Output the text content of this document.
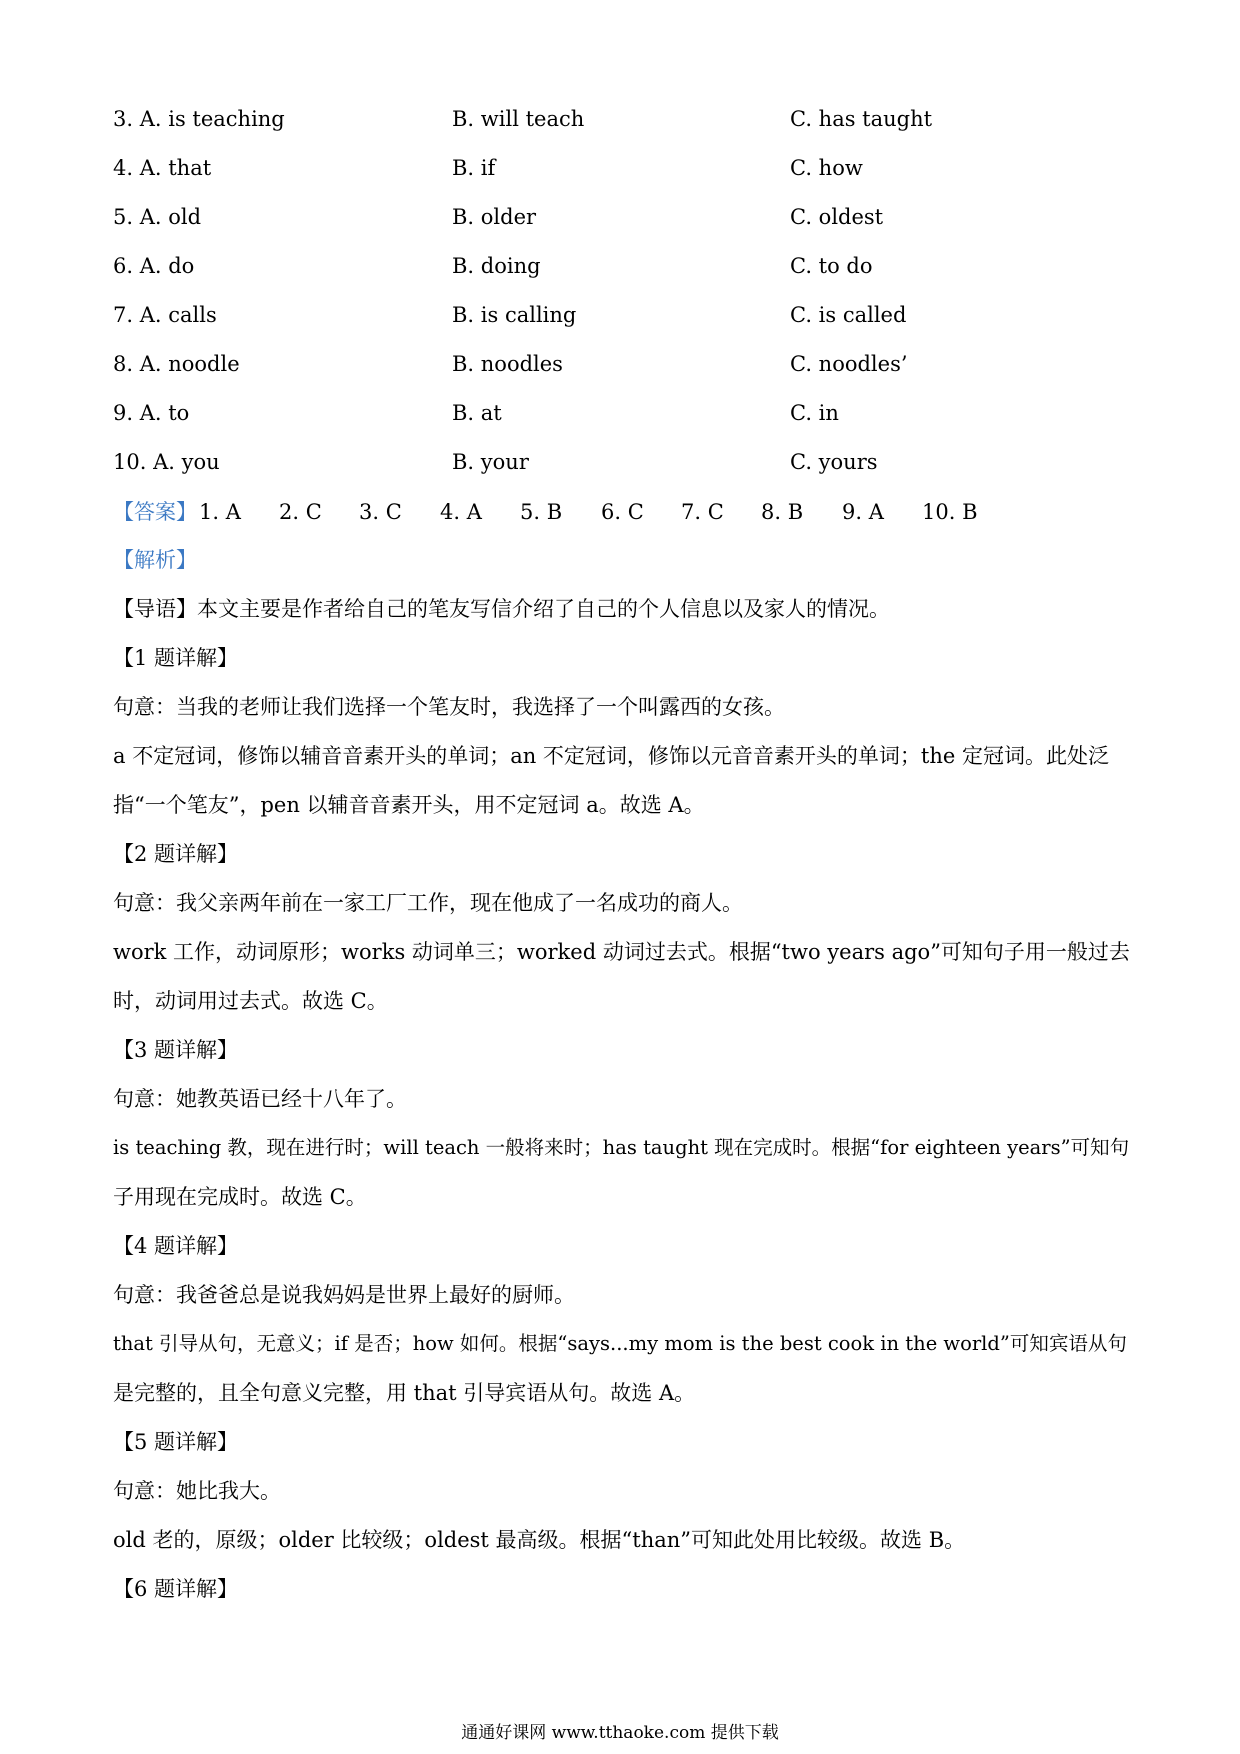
3. A. is teaching	B. will teach	C. has taught
4. A. that	B. if	C. how
5. A. old	B. older	C. oldest
6. A. do	B. doing	C. to do
7. A. calls	B. is calling	C. is called
8. A. noodle	B. noodles	C. noodles’
9. A. to	B. at	C. in
10. A. you	B. your	C. yours
【答案】 1. A 2. C 3. C 4. A 5. B 6. C 7. C 8. B 9. A 10. B
【解析】
【导语】本文主要是作者给自己的笔友写信介绍了自己的个人信息以及家人的情况。
【1 题详解】
句意：当我的老师让我们选择一个笔友时，我选择了一个叫露西的女孩。
a 不定冠词，修饰以辅音音素开头的单词；an 不定冠词，修饰以元音音素开头的单词；the 定冠词。此处泛
指“一个笔友”，pen 以辅音音素开头，用不定冠词 a。故选 A。
【2 题详解】
句意：我父亲两年前在一家工厂工作，现在他成了一名成功的商人。
work 工作，动词原形；works 动词单三；worked 动词过去式。根据“two years ago”可知句子用一般过去
时，动词用过去式。故选 C。
【3 题详解】
句意：她教英语已经十八年了。
is teaching 教，现在进行时；will teach 一般将来时；has taught 现在完成时。根据“for eighteen years”可知句
子用现在完成时。故选 C。
【4 题详解】
句意：我爸爸总是说我妈妈是世界上最好的厨师。
that 引导从句，无意义；if 是否；how 如何。根据“says...my mom is the best cook in the world”可知宾语从句
是完整的，且全句意义完整，用 that 引导宾语从句。故选 A。
【5 题详解】
句意：她比我大。
old 老的，原级；older 比较级；oldest 最高级。根据“than”可知此处用比较级。故选 B。
【6 题详解】
通通好课网 www.tthaoke.com 提供下载
